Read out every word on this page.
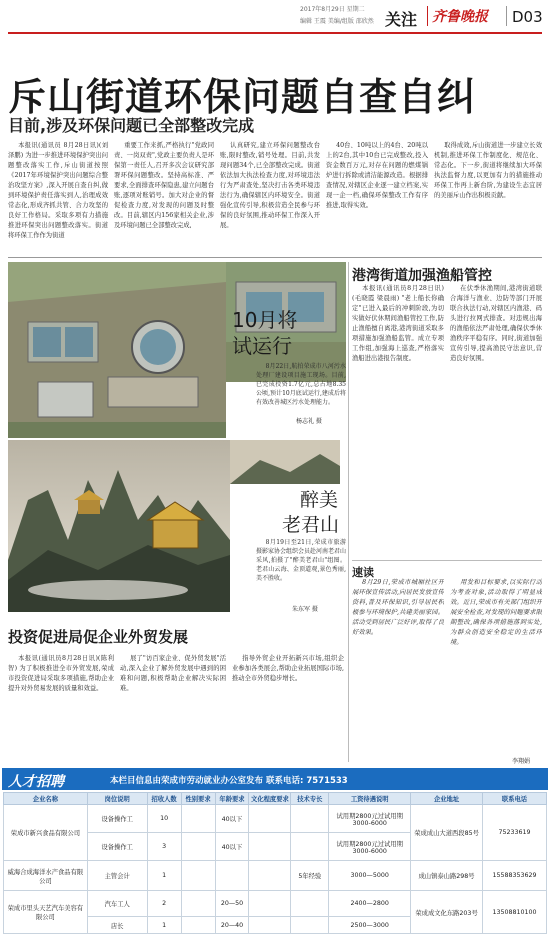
2017年8月29日 星期二
编辑 王震 美编/组版 邵欣然 关注 齐鲁晚报 D03
斥山街道环保问题自查自纠
目前,涉及环保问题已全部整改完成

本报讯(通讯员 8月28日讯)(刘泽鹏) 为进一步推进环境保护突出问题整改落实工作,斥山街道按照《2017年环境保护突出问题综合整治攻坚方案》,深入开展自查自纠,做到环境保护责任落实到人,治理成效常态化,形成齐抓共管、合力攻坚的良好工作格局。采取多项有力措施推进环保突出问题整改落实。街道将环保工作作为街道

重要工作来抓,严格执行"党政同责、一岗双责",党政主要负责人是环保第一责任人,召开多次会议研究部署环保问题整改。坚持高标准、严要求,全面排查环保隐患,建立问题台账,逐项对账销号。加大对企业的督促检查力度,对发现的问题及时整改。目前,辖区内156家相关企业,涉及环境问题已全部整改完成,

认真研究,建立环保问题整改台账,限时整改,销号处理。目前,共发现问题34个,已全部整改完成。街道依法加大执法检查力度,对环境违法行为严肃查处,坚决打击各类环境违法行为,确保辖区内环境安全。街道强化宣传引导,积极营造全民参与环保的良好氛围,推动环保工作深入开展。

40台、10吨以上的4台、20吨以上的2台,其中10台已完成整改,投入资金数百万元,对存在问题的燃煤锅炉进行拆除或清洁能源改造。根据排查情况,对辖区企业逐一建立档案,实现一企一档,确保环保整改工作有序推进,取得实效。

取得成效,斥山街道进一步建立长效机制,推进环保工作制度化、规范化、常态化。下一步,街道将继续加大环保执法监督力度,以更加有力的措施推动环保工作再上新台阶,为建设生态宜居的美丽斥山作出积极贡献。

10月将
试运行

8月22日,航拍荣成市八河污水处理厂建设项目施工现场。目前,已完成投资1.7亿元,总占地8.35公顷,预计10月底试运行,建成后将有效改善城区污水处理能力。

杨志礼 摄
醉美
老君山

8月19日至21日,荣成市旅游摄影家协会组织会员赴河南老君山采风,拍摄了"醉美老君山"组图。老君山云海、金顶道观,景色秀丽,美不胜收。

朱东军 摄
港湾街道加强渔船管控

本报讯(通讯员8月28日讯)(毛晓霞 梁晨雨) "老上船长你确定"已进入最后的冲刺阶段,为切实做好伏休期间渔船管控工作,防止渔船擅自离港,港湾街道采取多项措施加强渔船监管。成立专项工作组,加强海上巡查,严格落实渔船进出港报告制度。

在伏季休渔期间,港湾街道联合海洋与渔业、边防等部门开展联合执法行动,对辖区内渔港、码头进行拉网式排查。对违规出海的渔船依法严肃处理,确保伏季休渔秩序平稳有序。同时,街道加强宣传引导,提高渔民守法意识,营造良好氛围。

速读

8月29日,荣成市城厢社区开展环保宣传活动,向居民发放宣传资料,普及环保知识,引导居民积极参与环境保护,共建美丽家园。活动受到居民广泛好评,取得了良好效果。

用发和目标要求,以实际行动为考查对象,活动取得了明显成效。近日,荣成市有关部门组织开展安全检查,对发现的问题要求限期整改,确保各项措施落到实处,为群众创造安全稳定的生活环境。

李翔娟
投资促进局促企业外贸发展

本报讯(通讯员8月28日讯)(陈利智) 为了积极推进全市外贸发展,荣成市投资促进局采取多项措施,帮助企业提升对外贸易发展的质量和效益。

展了"访百家企业、促外贸发展"活动,深入企业了解外贸发展中遇到的困难和问题,积极帮助企业解决实际困难。

指导外贸企业开拓新兴市场,组织企业参加各类展会,帮助企业拓展国际市场,推动全市外贸稳步增长。

人才招聘	本栏目信息由荣成市劳动就业办公室发布 联系电话: 7571533
企业名称	岗位说明	招收人数	性别要求	年龄要求	文化程度要求	技术专长	工资待遇说明	企业地址	联系电话
荣成市新兴食品有限公司	设备操作工	10		40以下			试用期2800元过试用期3000-6000	荣成成山大道西段85号	75233619
	设备操作工	3		40以下			试用期2800元过试用期3000-6000		
威海合成海洋水产食品有限公司	主管会计	1				5年经验	3000—5000	成山镇泰山路298号	15588353629
荣成市里头天艺汽车美容有限公司	汽车工人	2		20—50			2400—2800	荣成成文化东路203号	13508810100
	店长	1		20—40			2500—3000		
